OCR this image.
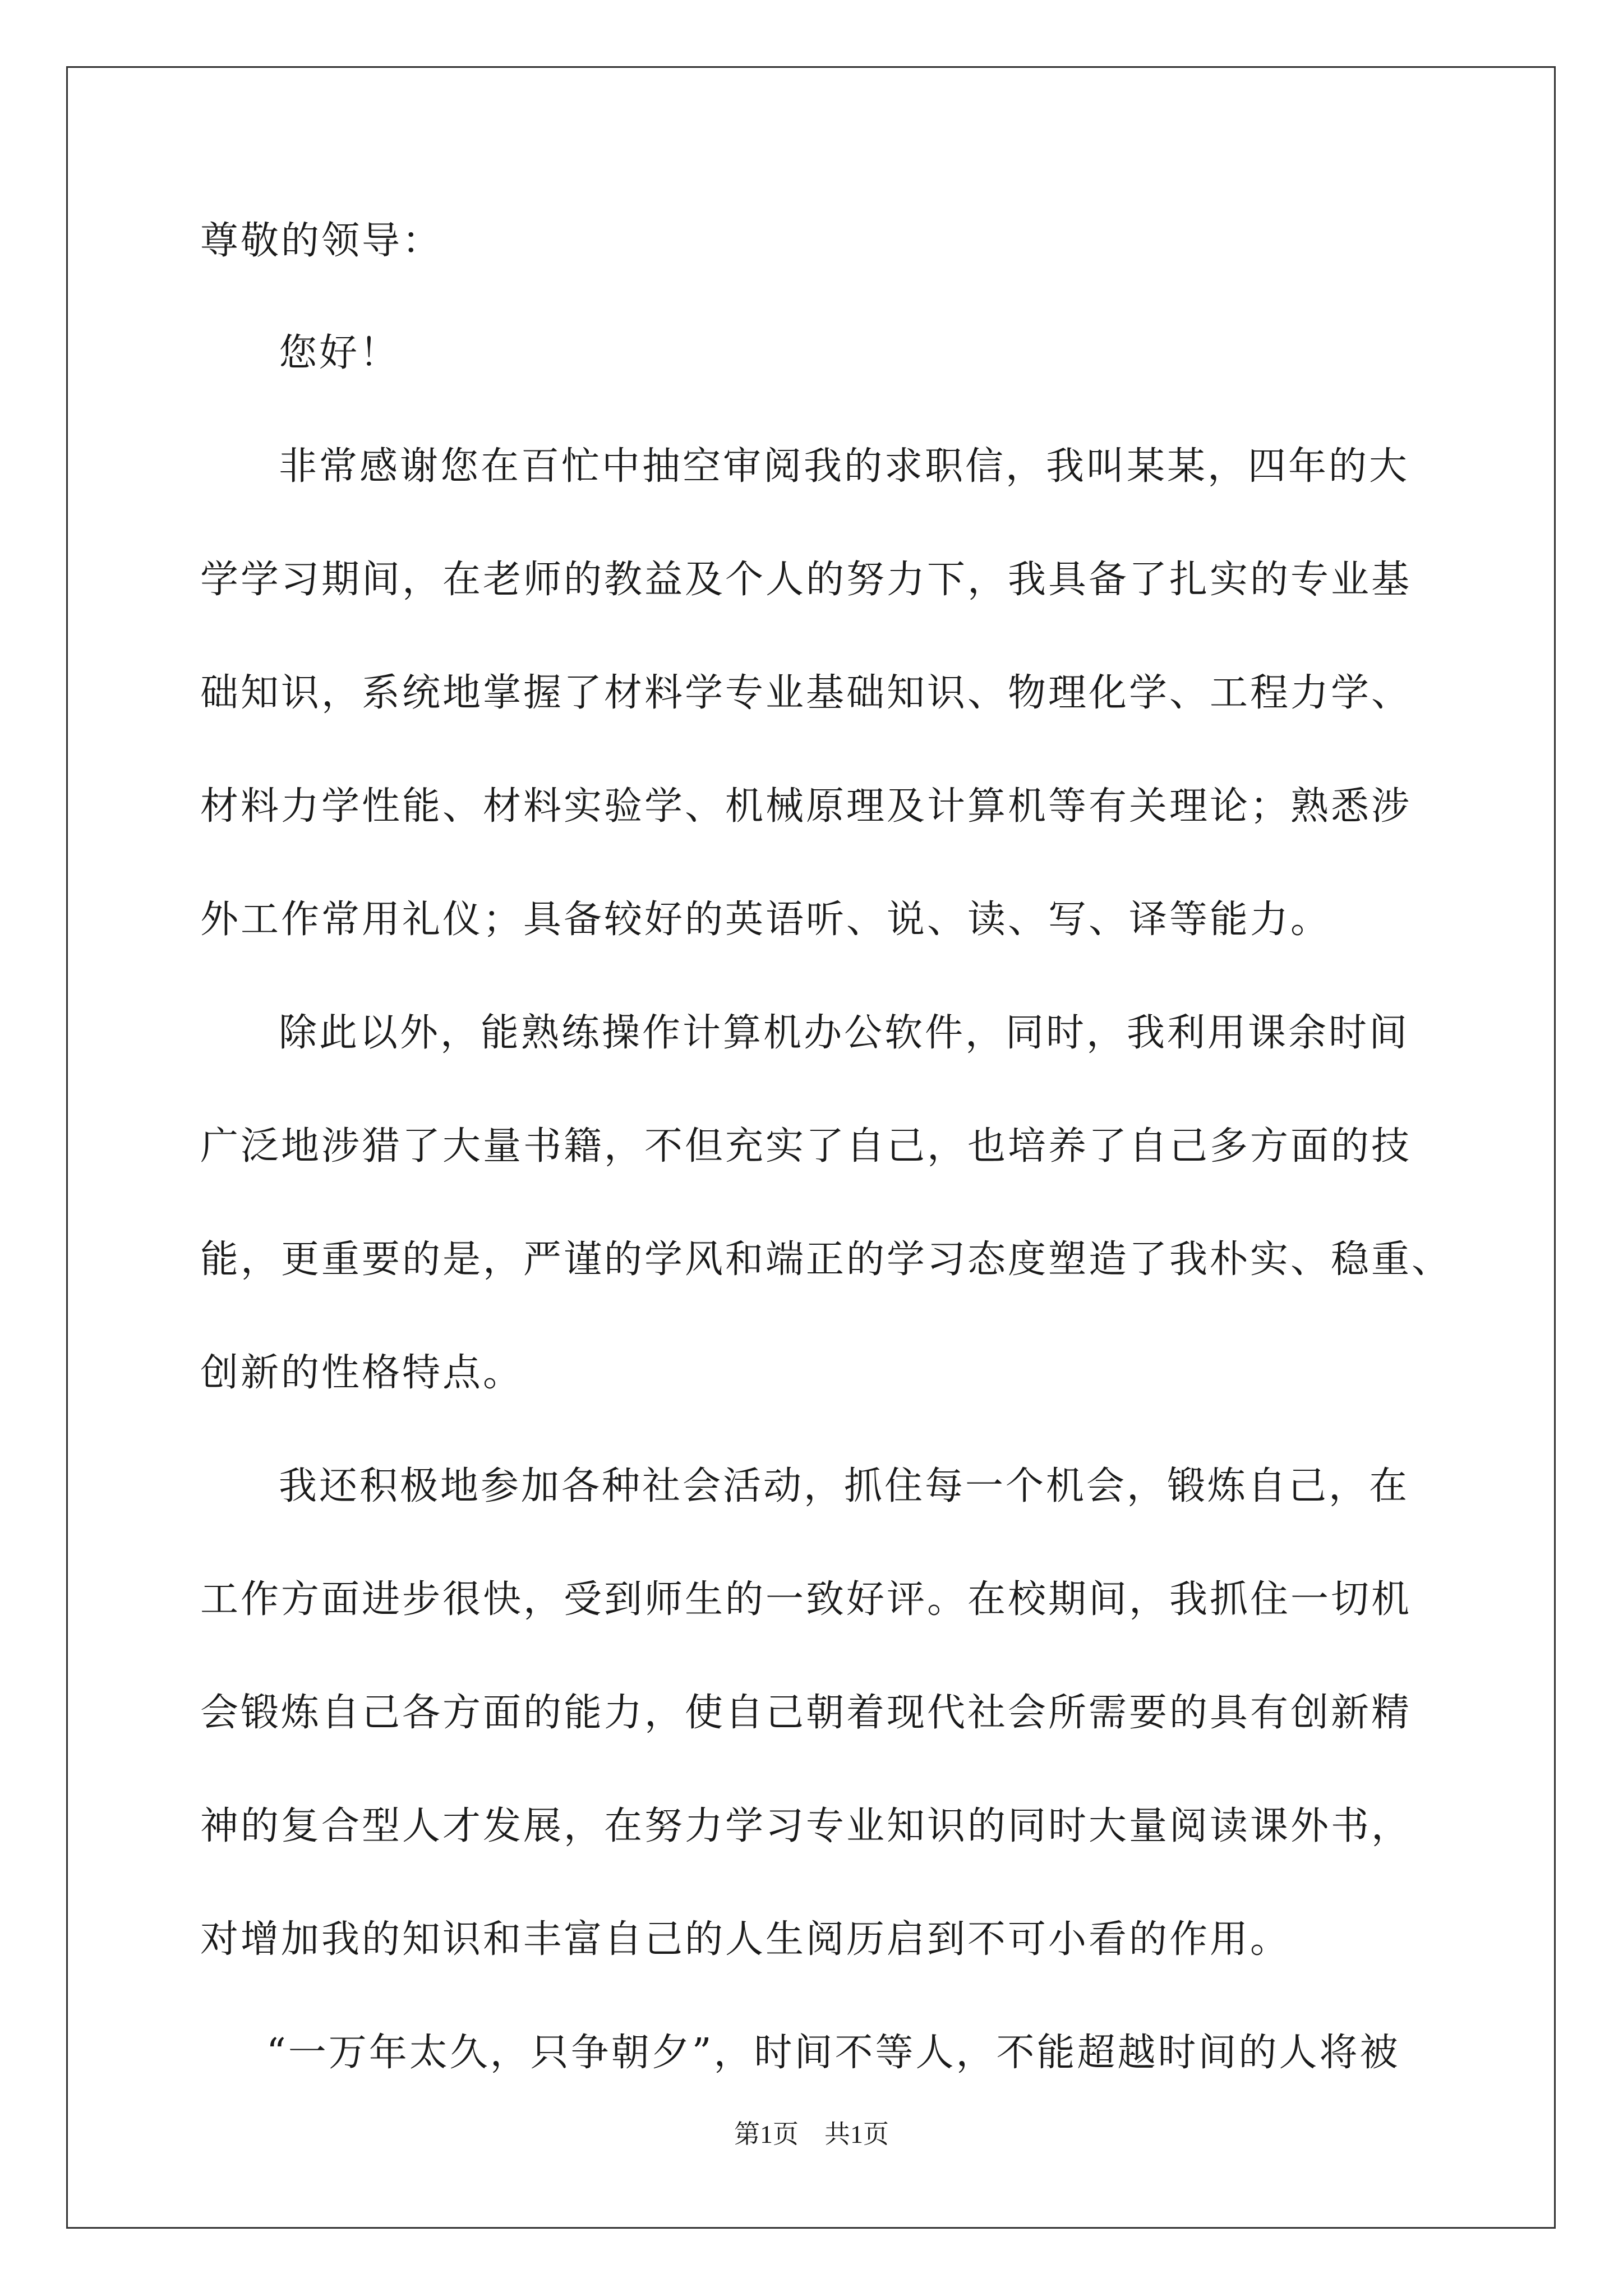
尊敬的领导：
您好！
非常感谢您在百忙中抽空审阅我的求职信，我叫某某，四年的大
学学习期间，在老师的教益及个人的努力下，我具备了扎实的专业基
础知识，系统地掌握了材料学专业基础知识、物理化学、工程力学、
材料力学性能、材料实验学、机械原理及计算机等有关理论；熟悉涉
外工作常用礼仪；具备较好的英语听、说、读、写、译等能力。
除此以外，能熟练操作计算机办公软件，同时，我利用课余时间
广泛地涉猎了大量书籍，不但充实了自己，也培养了自己多方面的技
能，更重要的是，严谨的学风和端正的学习态度塑造了我朴实、稳重、
创新的性格特点。
我还积极地参加各种社会活动，抓住每一个机会，锻炼自己，在
工作方面进步很快，受到师生的一致好评。在校期间，我抓住一切机
会锻炼自己各方面的能力，使自己朝着现代社会所需要的具有创新精
神的复合型人才发展，在努力学习专业知识的同时大量阅读课外书，
对增加我的知识和丰富自己的人生阅历启到不可小看的作用。
“一万年太久，只争朝夕”，时间不等人，不能超越时间的人将被
第1页 共1页
